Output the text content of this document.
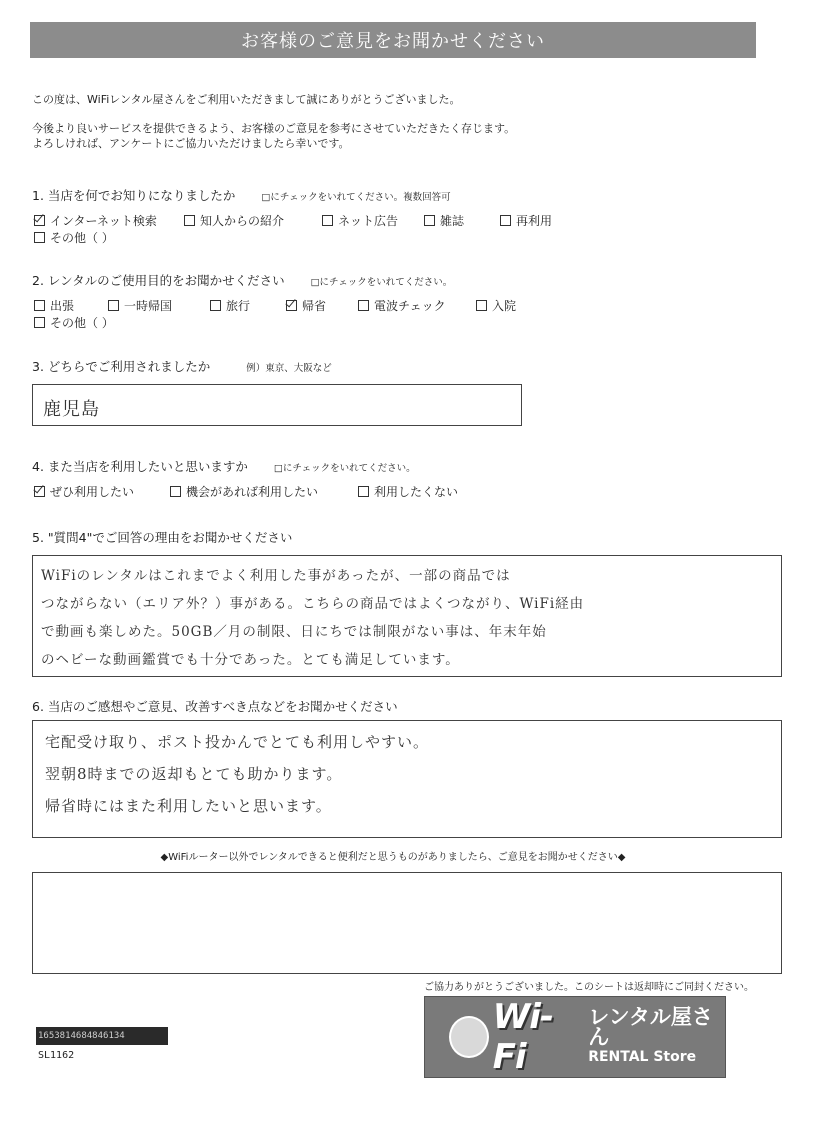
お客様のご意見をお聞かせください
この度は、WiFiレンタル屋さんをご利用いただきまして誠にありがとうございました。
今後より良いサービスを提供できるよう、お客様のご意見を参考にさせていただきたく存じます。
よろしければ、アンケートにご協力いただけましたら幸いです。
1. 当店を何でお知りになりましたか	□にチェックをいれてください。複数回答可
インターネット検索	知人からの紹介	ネット広告	雑誌	再利用
その他（ ）
2. レンタルのご使用目的をお聞かせください	□にチェックをいれてください。
出張	一時帰国	旅行	帰省	電波チェック	入院
その他（ ）
3. どちらでご利用されましたか	例）東京、大阪など
鹿児島
4. また当店を利用したいと思いますか	□にチェックをいれてください。
ぜひ利用したい	機会があれば利用したい	利用したくない
5. "質問4"でご回答の理由をお聞かせください
WiFiのレンタルはこれまでよく利用した事があったが、一部の商品では
つながらない（エリア外？）事がある。こちらの商品ではよくつながり、WiFi経由
で動画も楽しめた。50GB／月の制限、日にちでは制限がない事は、年末年始
のヘビーな動画鑑賞でも十分であった。とても満足しています。
6. 当店のご感想やご意見、改善すべき点などをお聞かせください
宅配受け取り、ポスト投かんでとても利用しやすい。
翌朝8時までの返却もとても助かります。
帰省時にはまた利用したいと思います。
◆WiFiルーター以外でレンタルできると便利だと思うものがありましたら、ご意見をお聞かせください◆
ご協力ありがとうございました。このシートは返却時にご同封ください。
Wi-Fi
レンタル屋さん
RENTAL Store
1653814684846134
SL1162
